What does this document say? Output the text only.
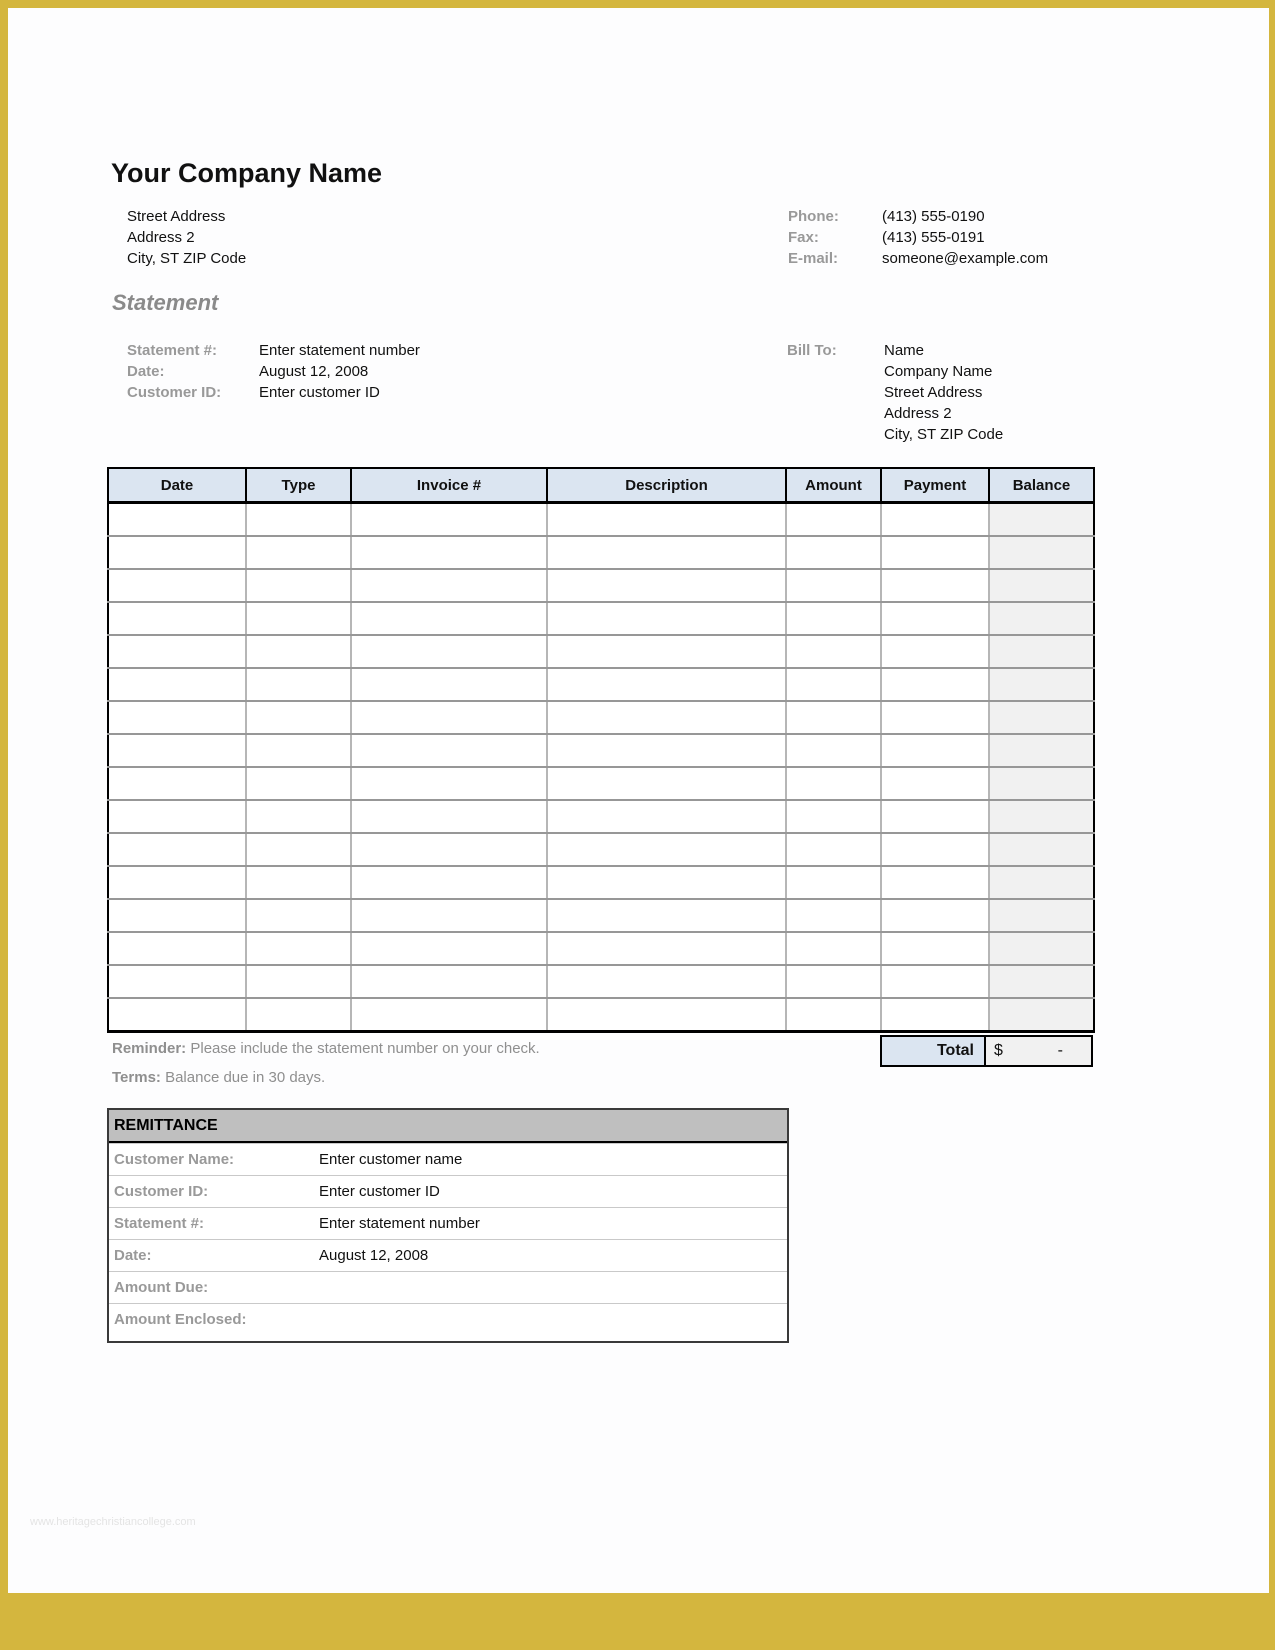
Your Company Name
Street Address
Address 2
City, ST ZIP Code
Phone:	(413) 555-0190
Fax:	(413) 555-0191
E-mail:	someone@example.com
Statement
Statement #:	Enter statement number
Date:	August 12, 2008
Customer ID:	Enter customer ID
Bill To:	Name
Company Name
Street Address
Address 2
City, ST ZIP Code
Date	Type	Invoice #	Description	Amount	Payment	Balance

Total	$	-
Reminder: Please include the statement number on your check.
Terms: Balance due in 30 days.
REMITTANCE
Customer Name:	Enter customer name
Customer ID:	Enter customer ID
Statement #:	Enter statement number
Date:	August 12, 2008
Amount Due:
Amount Enclosed:
www.heritagechristiancollege.com
